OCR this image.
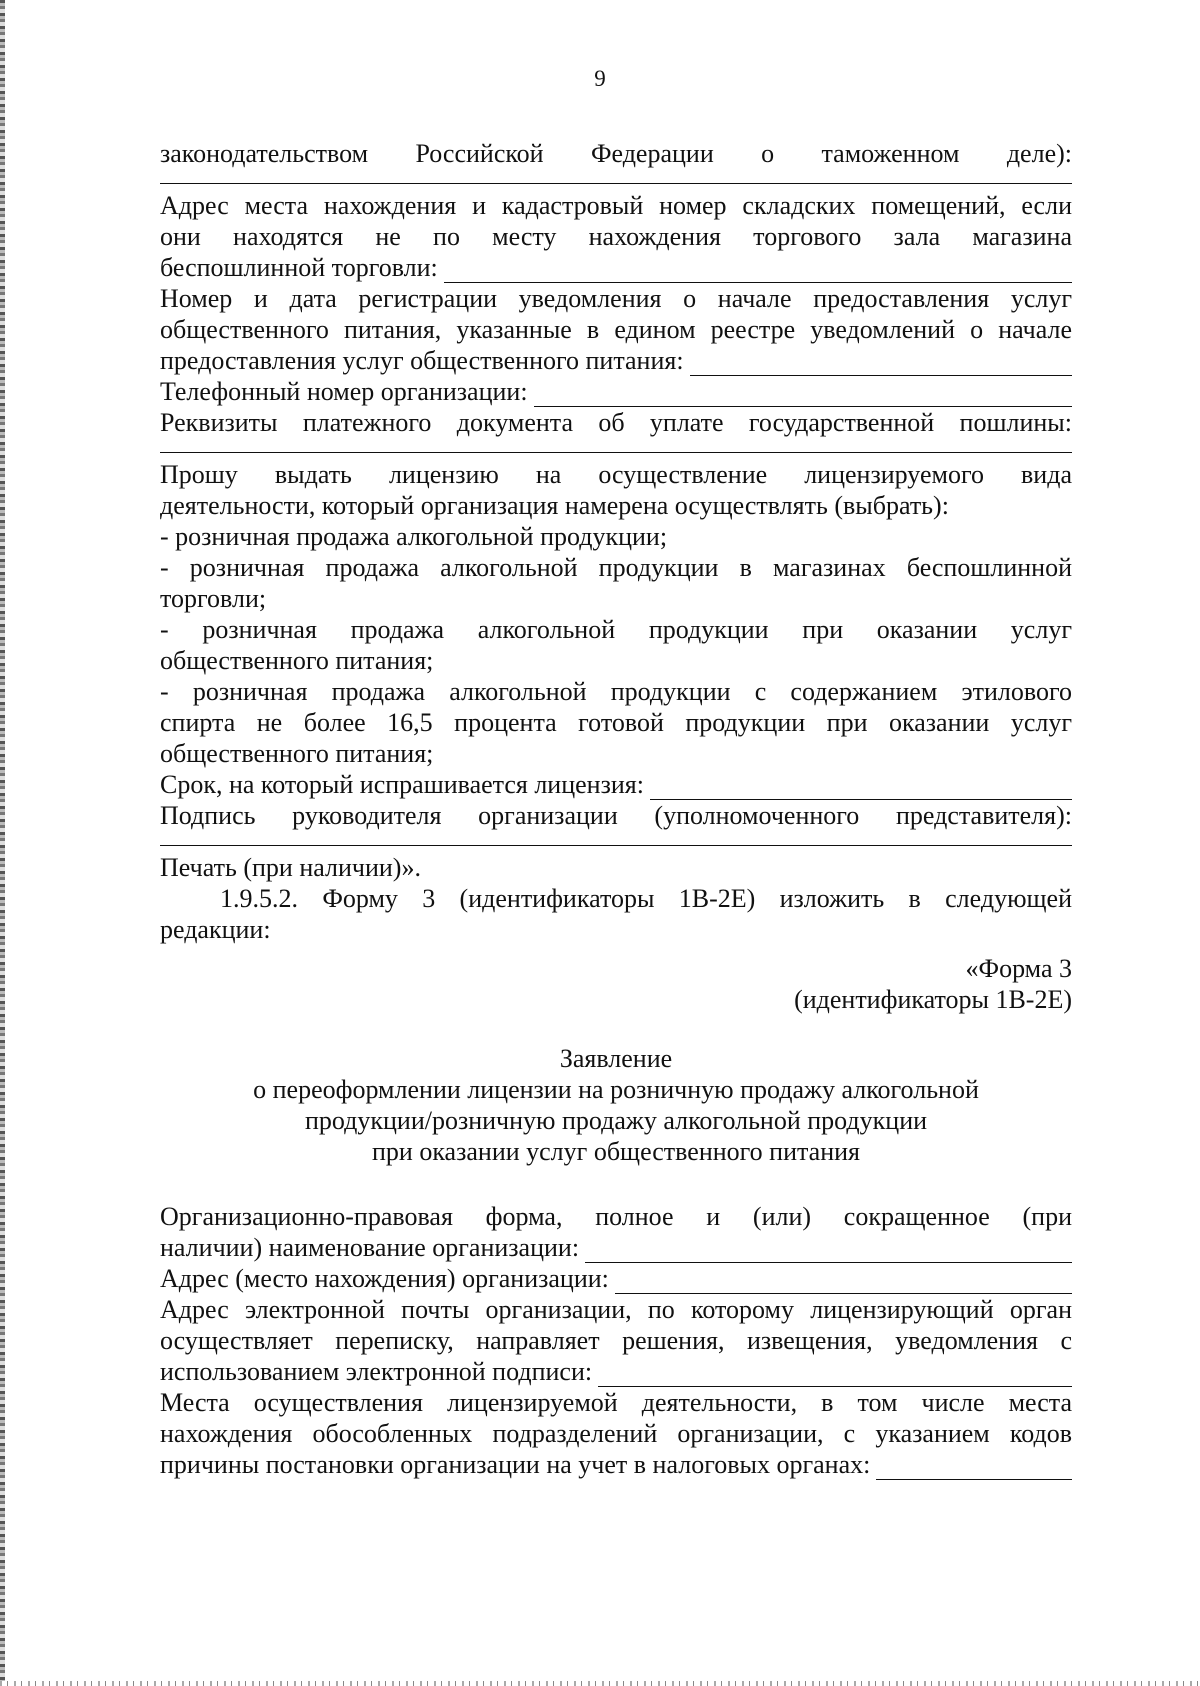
9

законодательством Российской Федерации о таможенном деле):

Адрес места нахождения и кадастровый номер складских помещений, если

они находятся не по месту нахождения торгового зала магазина

беспошлинной торговли:

Номер и дата регистрации уведомления о начале предоставления услуг

общественного питания, указанные в едином реестре уведомлений о начале

предоставления услуг общественного питания:

Телефонный номер организации:

Реквизиты платежного документа об уплате государственной пошлины:

Прошу выдать лицензию на осуществление лицензируемого вида

деятельности, который организация намерена осуществлять (выбрать):

- розничная продажа алкогольной продукции;

- розничная продажа алкогольной продукции в магазинах беспошлинной

торговли;

- розничная продажа алкогольной продукции при оказании услуг

общественного питания;

- розничная продажа алкогольной продукции с содержанием этилового

спирта не более 16,5 процента готовой продукции при оказании услуг

общественного питания;

Срок, на который испрашивается лицензия:

Подпись руководителя организации (уполномоченного представителя):

Печать (при наличии)».

1.9.5.2. Форму 3 (идентификаторы 1В-2Е) изложить в следующей

редакции:

«Форма 3

(идентификаторы 1В-2Е)

Заявление

о переоформлении лицензии на розничную продажу алкогольной

продукции/розничную продажу алкогольной продукции

при оказании услуг общественного питания

Организационно-правовая форма, полное и (или) сокращенное (при

наличии) наименование организации:

Адрес (место нахождения) организации:

Адрес электронной почты организации, по которому лицензирующий орган

осуществляет переписку, направляет решения, извещения, уведомления с

использованием электронной подписи:

Места осуществления лицензируемой деятельности, в том числе места

нахождения обособленных подразделений организации, с указанием кодов

причины постановки организации на учет в налоговых органах:
